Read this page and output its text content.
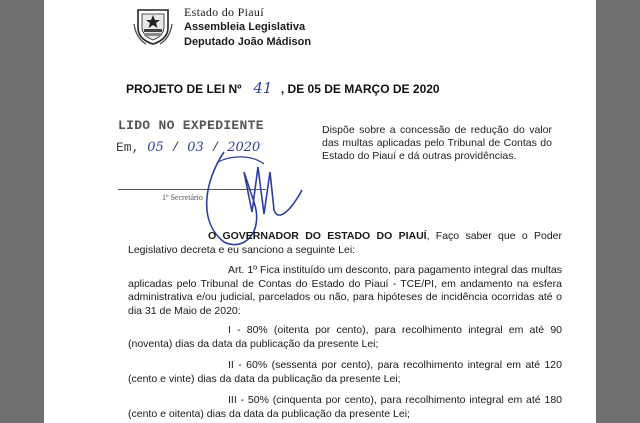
Estado do Piauí
Assembleia Legislativa
Deputado João Mádison
PROJETO DE LEI Nº 41 , DE 05 DE MARÇO DE 2020
LIDO NO EXPEDIENTE
Em, 05 / 03 / 2020
1º Secretário
Dispõe sobre a concessão de redução do valor das multas aplicadas pelo Tribunal de Contas do Estado do Piauí e dá outras providências.
O GOVERNADOR DO ESTADO DO PIAUÍ, Faço saber que o Poder Legislativo decreta e eu sanciono a seguinte Lei:
Art. 1º Fica instituído um desconto, para pagamento integral das multas aplicadas pelo Tribunal de Contas do Estado do Piauí - TCE/PI, em andamento na esfera administrativa e/ou judicial, parcelados ou não, para hipóteses de incidência ocorridas até o dia 31 de Maio de 2020:
I - 80% (oitenta por cento), para recolhimento integral em até 90 (noventa) dias da data da publicação da presente Lei;
II - 60% (sessenta por cento), para recolhimento integral em até 120 (cento e vinte) dias da data da publicação da presente Lei;
III - 50% (cinquenta por cento), para recolhimento integral em até 180 (cento e oitenta) dias da data da publicação da presente Lei;
